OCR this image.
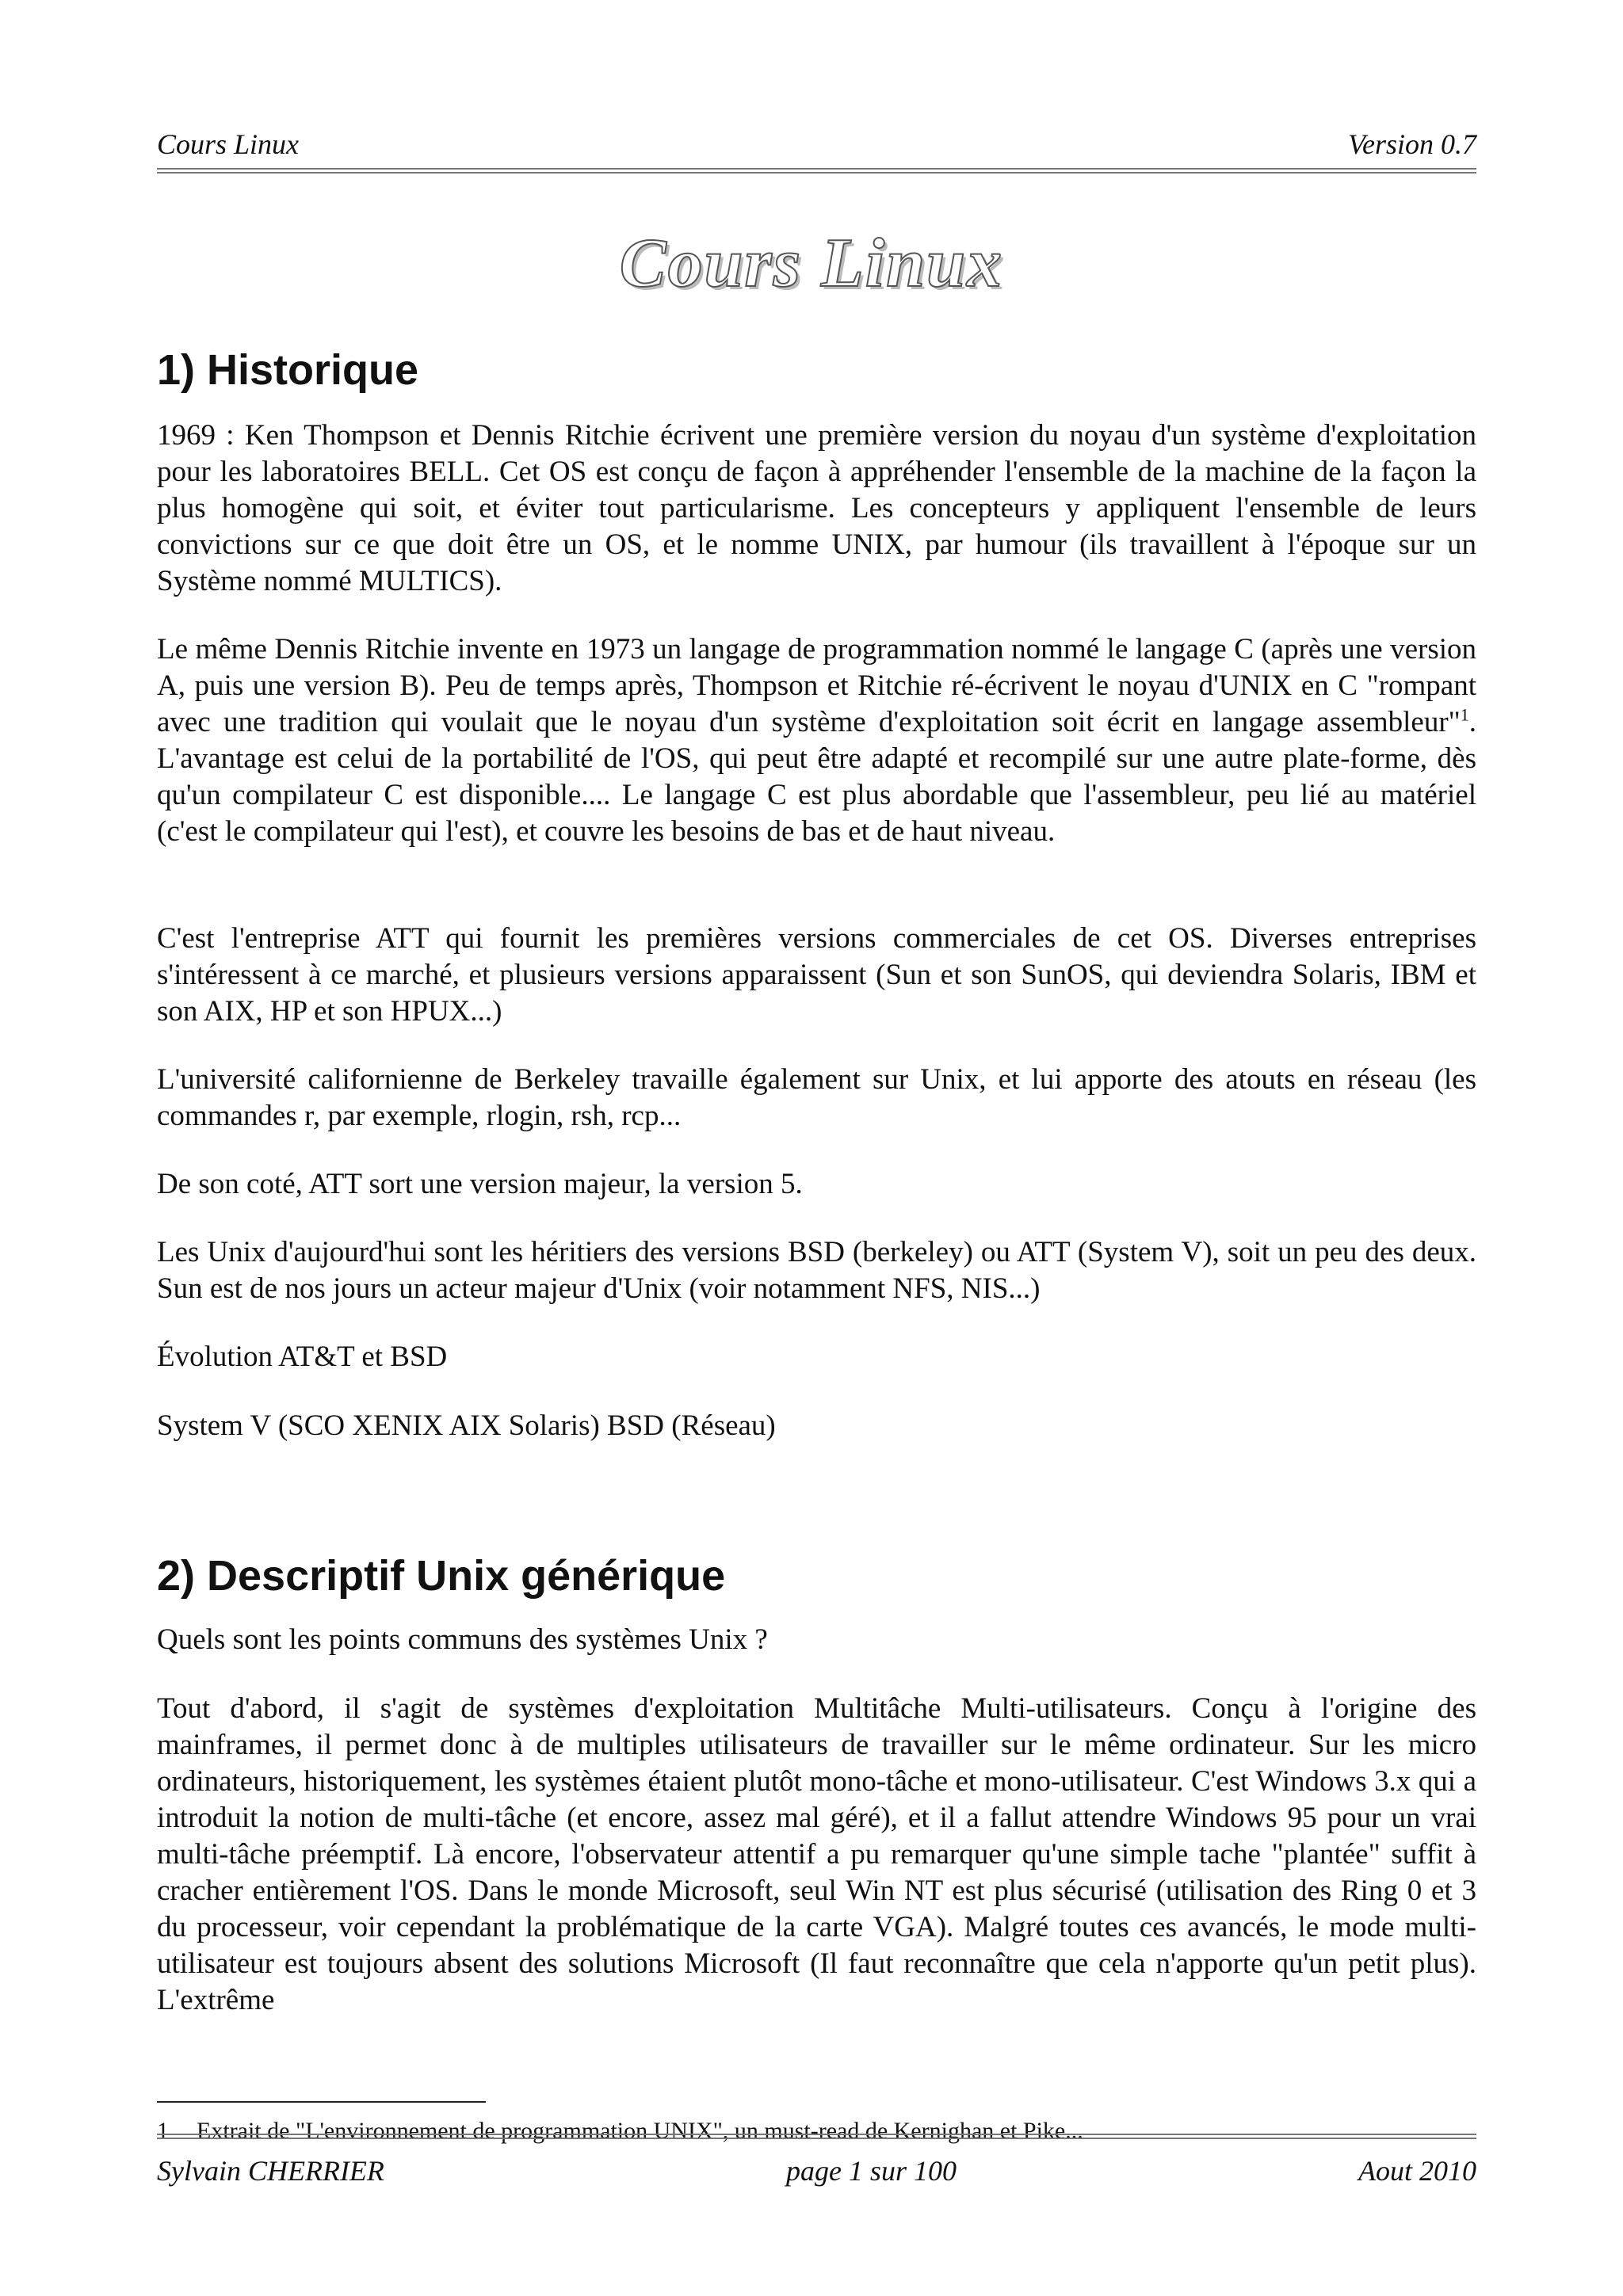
Cours Linux	Version 0.7
Cours Linux
1) Historique

1969 : Ken Thompson et Dennis Ritchie écrivent une première version du noyau d'un système d'exploitation pour les laboratoires BELL. Cet OS est conçu de façon à appréhender l'ensemble de la machine de la façon la plus homogène qui soit, et éviter tout particularisme. Les concepteurs y appliquent l'ensemble de leurs convictions sur ce que doit être un OS, et le nomme UNIX, par humour (ils travaillent à l'époque sur un Système nommé MULTICS).

Le même Dennis Ritchie invente en 1973 un langage de programmation nommé le langage C (après une version A, puis une version B). Peu de temps après, Thompson et Ritchie ré-écrivent le noyau d'UNIX en C "rompant avec une tradition qui voulait que le noyau d'un système d'exploitation soit écrit en langage assembleur"$^1$. L'avantage est celui de la portabilité de l'OS, qui peut être adapté et recompilé sur une autre plate-forme, dès qu'un compilateur C est disponible.... Le langage C est plus abordable que l'assembleur, peu lié au matériel (c'est le compilateur qui l'est), et couvre les besoins de bas et de haut niveau.

C'est l'entreprise ATT qui fournit les premières versions commerciales de cet OS. Diverses entreprises s'intéressent à ce marché, et plusieurs versions apparaissent (Sun et son SunOS, qui deviendra Solaris, IBM et son AIX, HP et son HPUX...)

L'université californienne de Berkeley travaille également sur Unix, et lui apporte des atouts en réseau (les commandes r, par exemple, rlogin, rsh, rcp...

De son coté, ATT sort une version majeur, la version 5.

Les Unix d'aujourd'hui sont les héritiers des versions BSD (berkeley) ou ATT (System V), soit un peu des deux. Sun est de nos jours un acteur majeur d'Unix (voir notamment NFS, NIS...)

Évolution AT&T et BSD

System V (SCO XENIX AIX Solaris) BSD (Réseau)

2) Descriptif Unix générique

Quels sont les points communs des systèmes Unix ?

Tout d'abord, il s'agit de systèmes d'exploitation Multitâche Multi-utilisateurs. Conçu à l'origine des mainframes, il permet donc à de multiples utilisateurs de travailler sur le même ordinateur. Sur les micro ordinateurs, historiquement, les systèmes étaient plutôt mono-tâche et mono-utilisateur. C'est Windows 3.x qui a introduit la notion de multi-tâche (et encore, assez mal géré), et il a fallut attendre Windows 95 pour un vrai multi-tâche préemptif. Là encore, l'observateur attentif a pu remarquer qu'une simple tache "plantée" suffit à cracher entièrement l'OS. Dans le monde Microsoft, seul Win NT est plus sécurisé (utilisation des Ring 0 et 3 du processeur, voir cependant la problématique de la carte VGA). Malgré toutes ces avancés, le mode multi-utilisateur est toujours absent des solutions Microsoft (Il faut reconnaître que cela n'apporte qu'un petit plus). L'extrême

1 Extrait de "L'environnement de programmation UNIX", un must-read de Kernighan et Pike...
Sylvain CHERRIER	page 1 sur 100	Aout 2010
